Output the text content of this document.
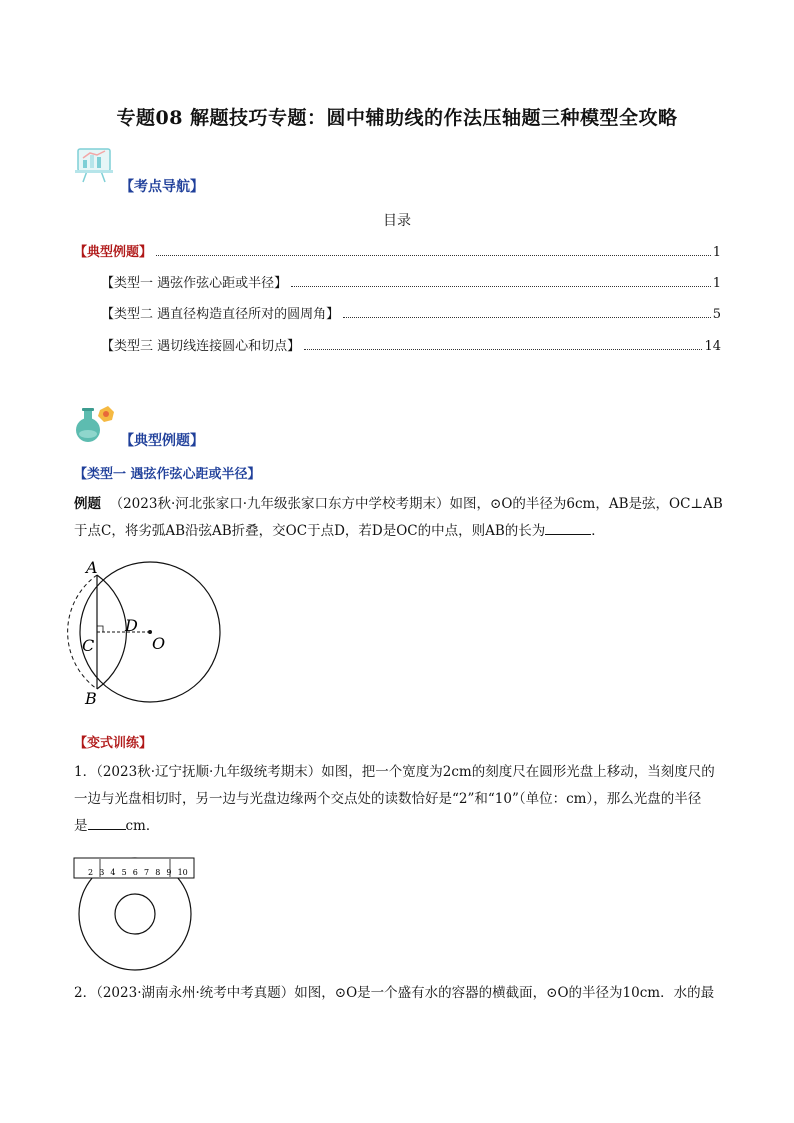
专题08 解题技巧专题：圆中辅助线的作法压轴题三种模型全攻略
【考点导航】
目录
【典型例题】	1
【类型一 遇弦作弦心距或半径】	1
【类型二 遇直径构造直径所对的圆周角】	5
【类型三 遇切线连接圆心和切点】	14
【典型例题】
【类型一 遇弦作弦心距或半径】
例题 （2023秋·河北张家口·九年级张家口东方中学校考期末）如图，⊙O的半径为6cm，AB是弦，OC⊥AB
于点C，将劣弧AB沿弦AB折叠，交OC于点D，若D是OC的中点，则AB的长为	．
A
B
C
D
O
【变式训练】
1．（2023秋·辽宁抚顺·九年级统考期末）如图，把一个宽度为2cm的刻度尺在圆形光盘上移动，当刻度尺的
一边与光盘相切时，另一边与光盘边缘两个交点处的读数恰好是“2”和“10”（单位：cm），那么光盘的半径
是	cm．
2 3 4 5 6 7 8 9 10
2．（2023·湖南永州·统考中考真题）如图，⊙O是一个盛有水的容器的横截面，⊙O的半径为10cm．水的最
